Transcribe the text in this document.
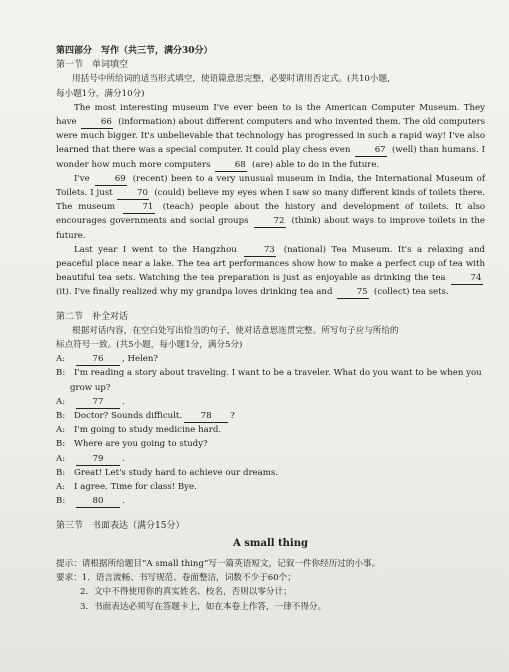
第四部分　写作（共三节，满分30分）
第一节　单词填空
用括号中所给词的适当形式填空，使语篇意思完整，必要时请用否定式。(共10小题，
每小题1分，满分10分)
The most interesting museum I've ever been to is the American Computer Museum. They have	66 (information) about different computers and who invented them. The old computers were much bigger. It's unbelievable that technology has progressed in such a rapid way! I've also learned that there was a special computer. It could play chess even	67 (well) than humans. I wonder how much more computers	68 (are) able to do in the future.
I've	69 (recent) been to a very unusual museum in India, the International Museum of Toilets. I just	70 (could) believe my eyes when I saw so many different kinds of toilets there. The museum	71 (teach) people about the history and development of toilets. It also encourages governments and social groups	72 (think) about ways to improve toilets in the future.
Last year I went to the Hangzhou	73 (national) Tea Museum. It's a relaxing and peaceful place near a lake. The tea art performances show how to make a perfect cup of tea with beautiful tea sets. Watching the tea preparation is just as enjoyable as drinking the tea	74 (it). I've finally realized why my grandpa loves drinking tea and	75 (collect) tea sets.
第二节　补全对话
根据对话内容，在空白处写出恰当的句子，使对话意思连贯完整。所写句子应与所给的
标点符号一致。(共5小题，每小题1分，满分5分)
A:	76 , Helen?
B: I'm reading a story about traveling. I want to be a traveler. What do you want to be when you
grow up?
A:	77 .
B: Doctor? Sounds difficult. 78 ?
A: I'm going to study medicine hard.
B: Where are you going to study?
A:	79 .
B: Great! Let's study hard to achieve our dreams.
A: I agree. Time for class! Bye.
B:	80 .
第三节　书面表达（满分15分）
A small thing
提示：请根据所给题目“A small thing”写一篇英语短文，记叙一件你经历过的小事。
要求：1．语言流畅、书写规范、卷面整洁，词数不少于60个；
2．文中不得使用你的真实姓名、校名，否则以零分计；
3．书面表达必须写在答题卡上，如在本卷上作答，一律不得分。
